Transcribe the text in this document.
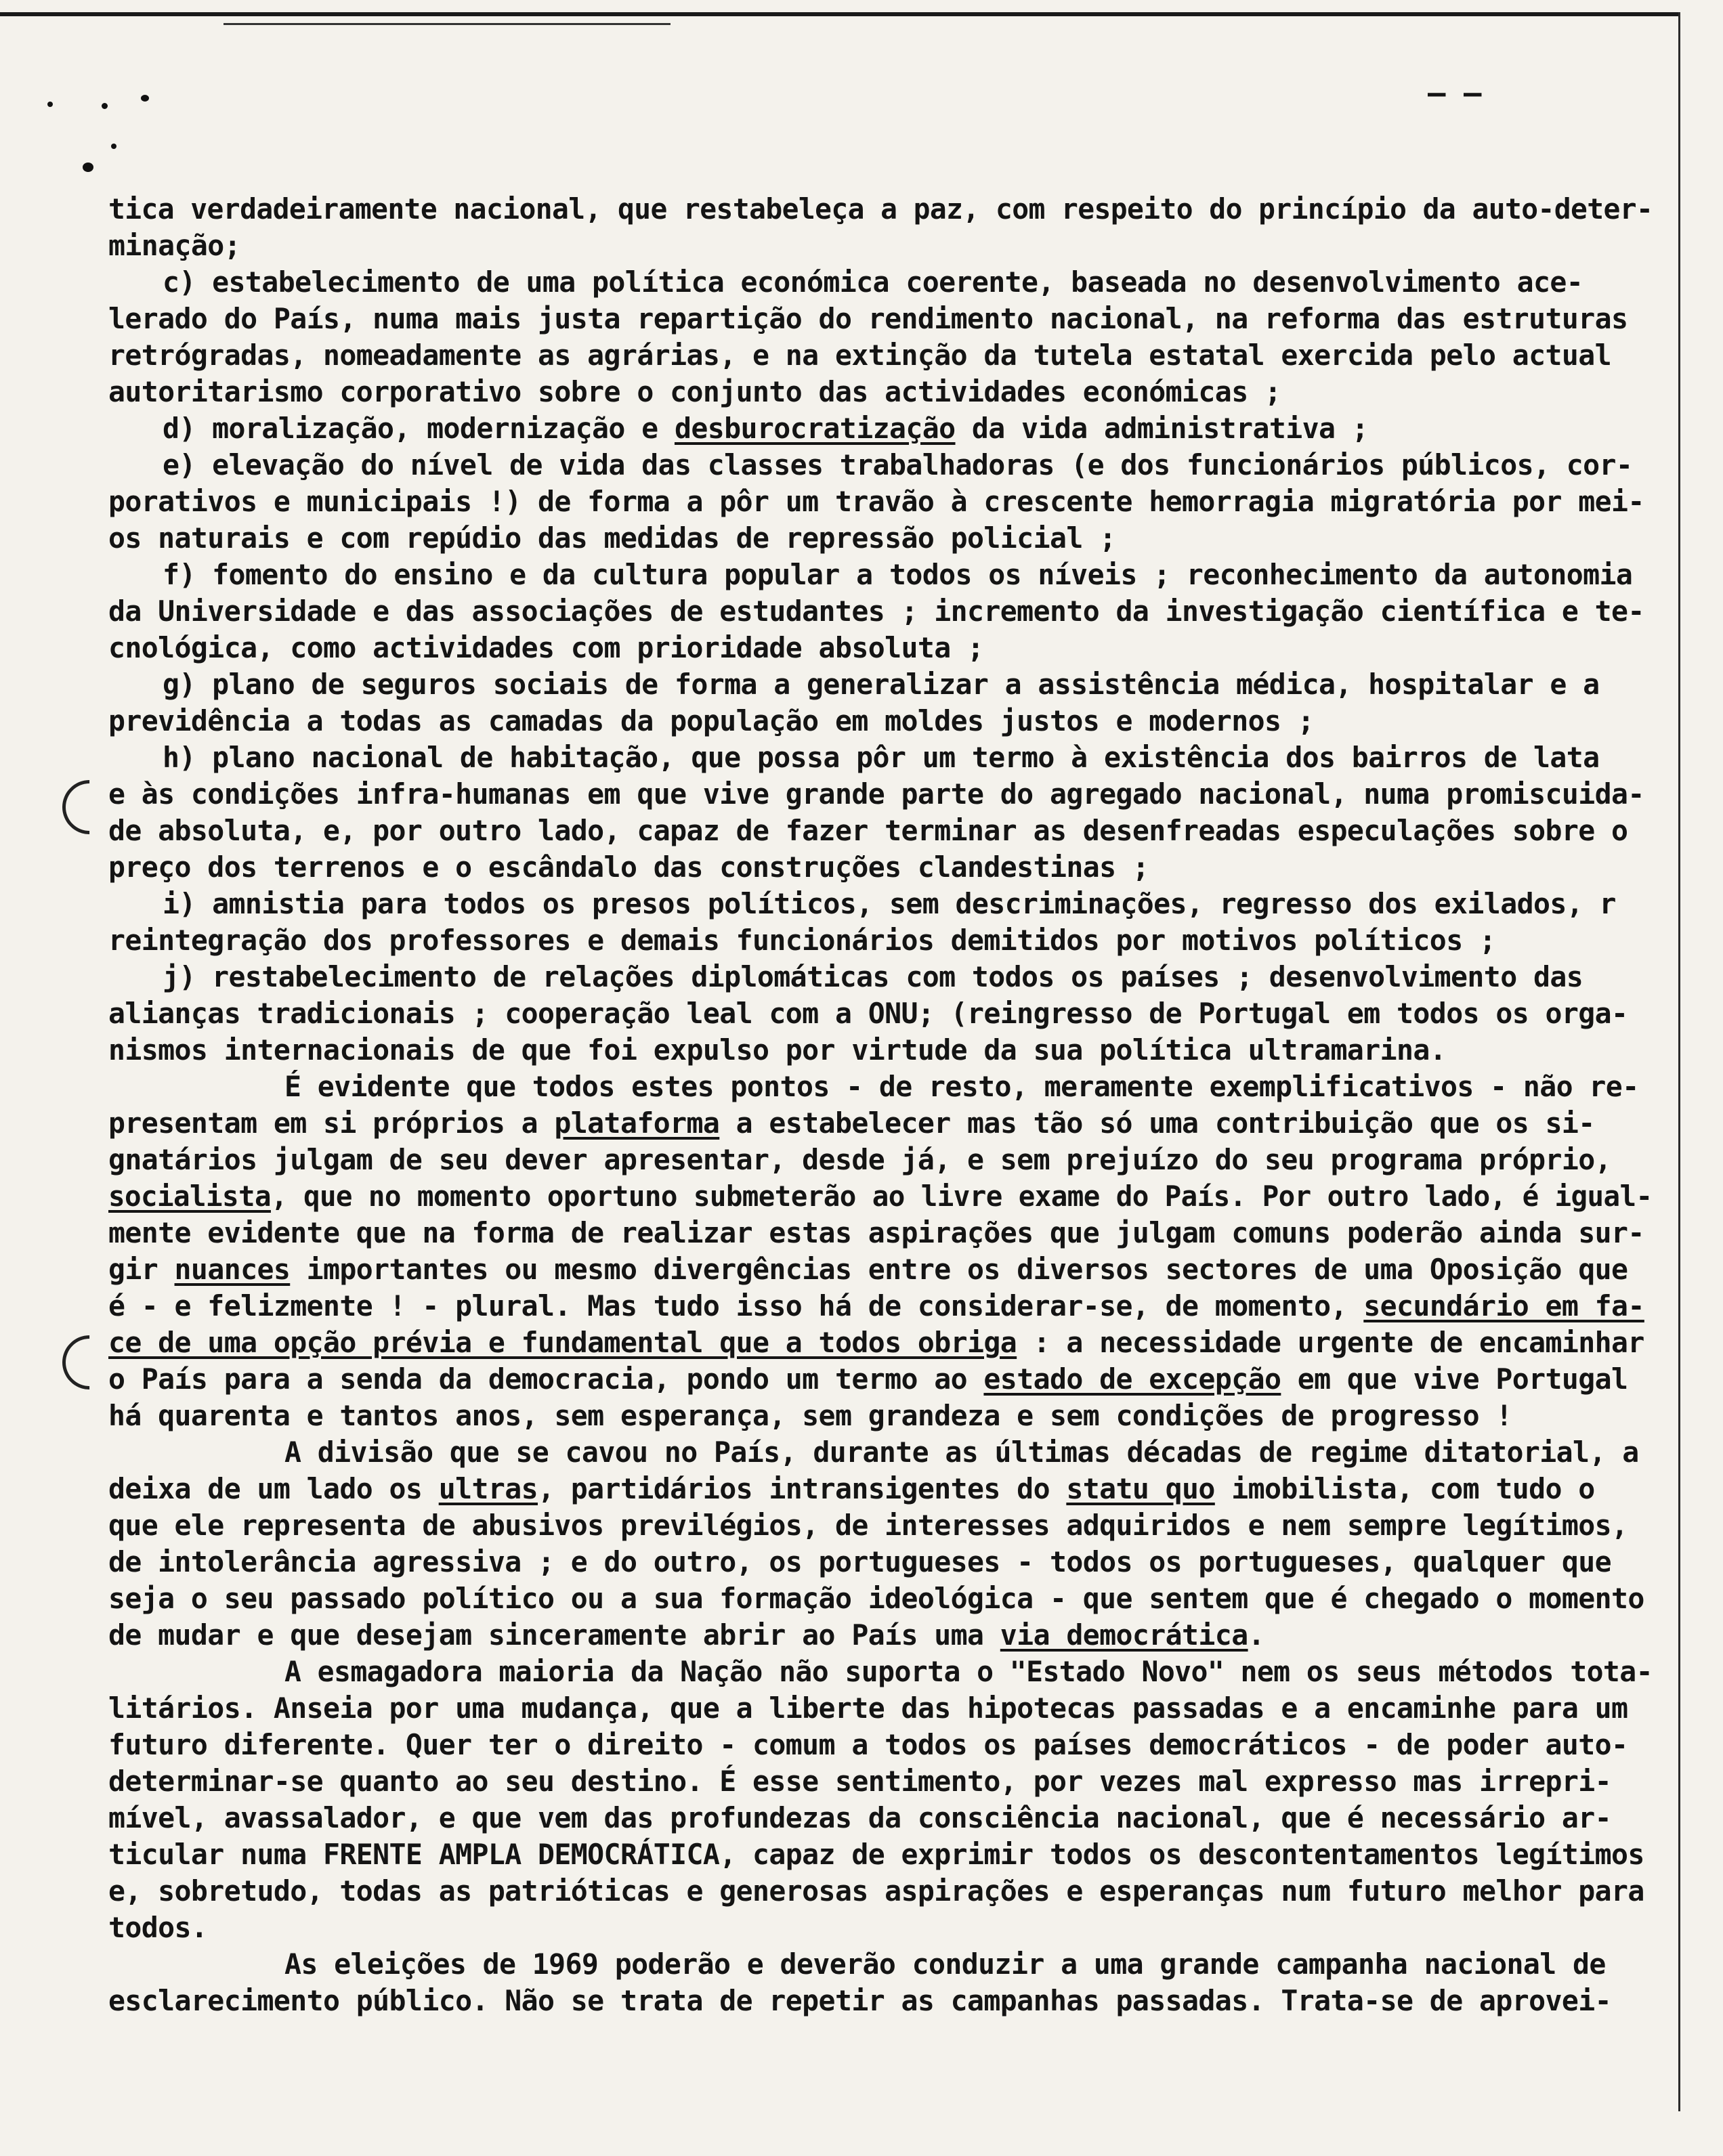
– –
tica verdadeiramente nacional, que restabeleça a paz, com respeito do princípio da auto-deter-
minação;
c) estabelecimento de uma política económica coerente, baseada no desenvolvimento ace-
lerado do País, numa mais justa repartição do rendimento nacional, na reforma das estruturas
retrógradas, nomeadamente as agrárias, e na extinção da tutela estatal exercida pelo actual
autoritarismo corporativo sobre o conjunto das actividades económicas ;
d) moralização, modernização e desburocratização da vida administrativa ;
e) elevação do nível de vida das classes trabalhadoras (e dos funcionários públicos, cor-
porativos e municipais !) de forma a pôr um travão à crescente hemorragia migratória por mei-
os naturais e com repúdio das medidas de repressão policial ;
f) fomento do ensino e da cultura popular a todos os níveis ; reconhecimento da autonomia
da Universidade e das associações de estudantes ; incremento da investigação científica e te-
cnológica, como actividades com prioridade absoluta ;
g) plano de seguros sociais de forma a generalizar a assistência médica, hospitalar e a
previdência a todas as camadas da população em moldes justos e modernos ;
h) plano nacional de habitação, que possa pôr um termo à existência dos bairros de lata
e às condições infra-humanas em que vive grande parte do agregado nacional, numa promiscuida-
de absoluta, e, por outro lado, capaz de fazer terminar as desenfreadas especulações sobre o
preço dos terrenos e o escândalo das construções clandestinas ;
i) amnistia para todos os presos políticos, sem descriminações, regresso dos exilados, r
reintegração dos professores e demais funcionários demitidos por motivos políticos ;
j) restabelecimento de relações diplomáticas com todos os países ; desenvolvimento das
alianças tradicionais ; cooperação leal com a ONU; (reingresso de Portugal em todos os orga-
nismos internacionais de que foi expulso por virtude da sua política ultramarina.
É evidente que todos estes pontos - de resto, meramente exemplificativos - não re-
presentam em si próprios a plataforma a estabelecer mas tão só uma contribuição que os si-
gnatários julgam de seu dever apresentar, desde já, e sem prejuízo do seu programa próprio,
socialista, que no momento oportuno submeterão ao livre exame do País. Por outro lado, é igual-
mente evidente que na forma de realizar estas aspirações que julgam comuns poderão ainda sur-
gir nuances importantes ou mesmo divergências entre os diversos sectores de uma Oposição que
é - e felizmente ! - plural. Mas tudo isso há de considerar-se, de momento, secundário em fa-
ce de uma opção prévia e fundamental que a todos obriga : a necessidade urgente de encaminhar
o País para a senda da democracia, pondo um termo ao estado de excepção em que vive Portugal
há quarenta e tantos anos, sem esperança, sem grandeza e sem condições de progresso !
A divisão que se cavou no País, durante as últimas décadas de regime ditatorial, a
deixa de um lado os ultras, partidários intransigentes do statu quo imobilista, com tudo o
que ele representa de abusivos previlégios, de interesses adquiridos e nem sempre legítimos,
de intolerância agressiva ; e do outro, os portugueses - todos os portugueses, qualquer que
seja o seu passado político ou a sua formação ideológica - que sentem que é chegado o momento
de mudar e que desejam sinceramente abrir ao País uma via democrática.
A esmagadora maioria da Nação não suporta o "Estado Novo" nem os seus métodos tota-
litários. Anseia por uma mudança, que a liberte das hipotecas passadas e a encaminhe para um
futuro diferente. Quer ter o direito - comum a todos os países democráticos - de poder auto-
determinar-se quanto ao seu destino. É esse sentimento, por vezes mal expresso mas irrepri-
mível, avassalador, e que vem das profundezas da consciência nacional, que é necessário ar-
ticular numa FRENTE AMPLA DEMOCRÁTICA, capaz de exprimir todos os descontentamentos legítimos
e, sobretudo, todas as patrióticas e generosas aspirações e esperanças num futuro melhor para
todos.
As eleições de 1969 poderão e deverão conduzir a uma grande campanha nacional de
esclarecimento público. Não se trata de repetir as campanhas passadas. Trata-se de aprovei-
